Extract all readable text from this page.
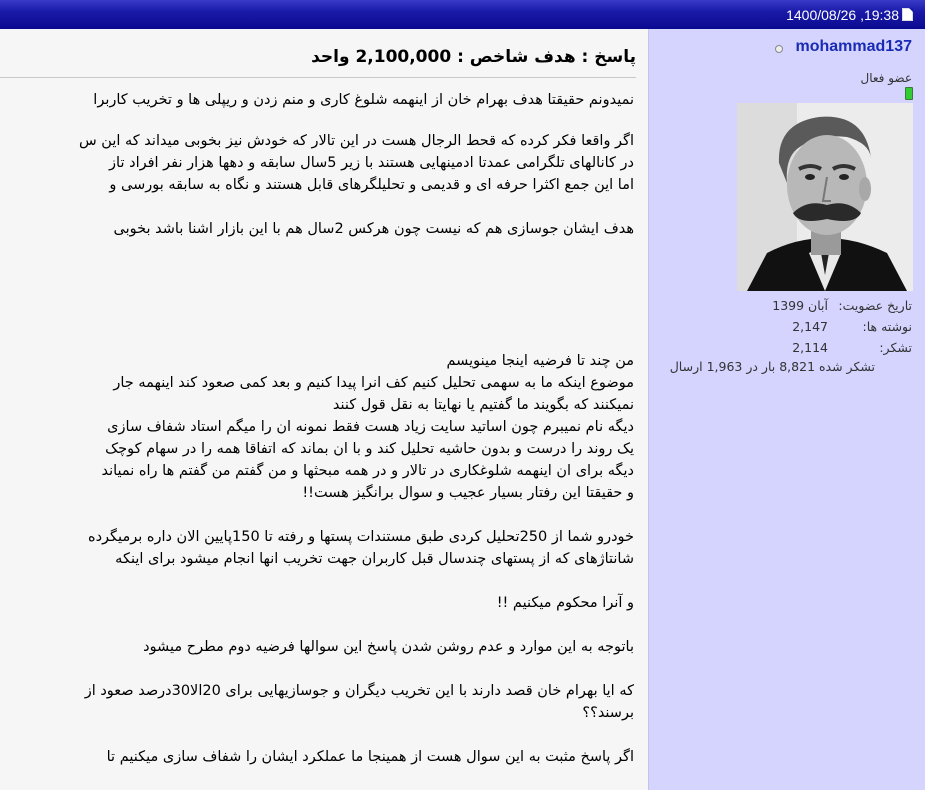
1400/08/26 ,19:38
پاسخ : هدف شاخص : 2,100,000 واحد
نمیدونم حقیقتا هدف بهرام خان از اینهمه شلوغ کاری و منم زدن و ریپلی ها و تخریب کاربرا
اگر واقعا فکر کرده که قحط الرجال هست در این تالار که خودش نیز بخوبی میداند که این س
در کانالهای تلگرامی عمدتا ادمینهایی هستند با زیر 5سال سابقه و دهها هزار نفر افراد تاز
اما این جمع اکثرا حرفه ای و قدیمی و تحلیلگرهای قابل هستند و نگاه به سابقه بورسی و
هدف ایشان جوسازی هم که نیست چون هرکس 2سال هم با این بازار اشنا باشد بخوبی
من چند تا فرضیه اینجا مینویسم
موضوع اینکه ما به سهمی تحلیل کنیم کف انرا پیدا کنیم و بعد کمی صعود کند اینهمه جار
نمیکنند که بگویند ما گفتیم یا نهایتا به نقل قول کنند
دیگه نام نمیبرم چون اساتید سایت زیاد هست فقط نمونه ان را میگم استاد شفاف سازی
یک روند را درست و بدون حاشیه تحلیل کند و با ان بماند که اتفاقا همه را در سهام کوچک
دیگه برای ان اینهمه شلوغکاری در تالار و در همه مبحثها و من گفتم من گفتم ها راه نمیاند
و حقیقتا این رفتار بسیار عجیب و سوال برانگیز هست!!
خودرو شما از 250تحلیل کردی طبق مستندات پستها و رفته تا 150پایین الان داره برمیگرده
شانتاژهای که از پستهای چندسال قبل کاربران جهت تخریب انها انجام میشود برای اینکه
و آنرا محکوم میکنیم !!
باتوجه به این موارد و عدم روشن شدن پاسخ این سوالها فرضیه دوم مطرح میشود
که ایا بهرام خان قصد دارند با این تخریب دیگران و جوسازیهایی برای 20الا30درصد صعود از
برسند؟؟
اگر پاسخ مثبت به این سوال هست از همینجا ما عملکرد ایشان را شفاف سازی میکنیم تا
mohammad137
عضو فعال
تاریخ عضویت:
آبان 1399
نوشته ها:
2,147
تشکر:
2,114
تشکر شده 8,821 بار در 1,963 ارسال
